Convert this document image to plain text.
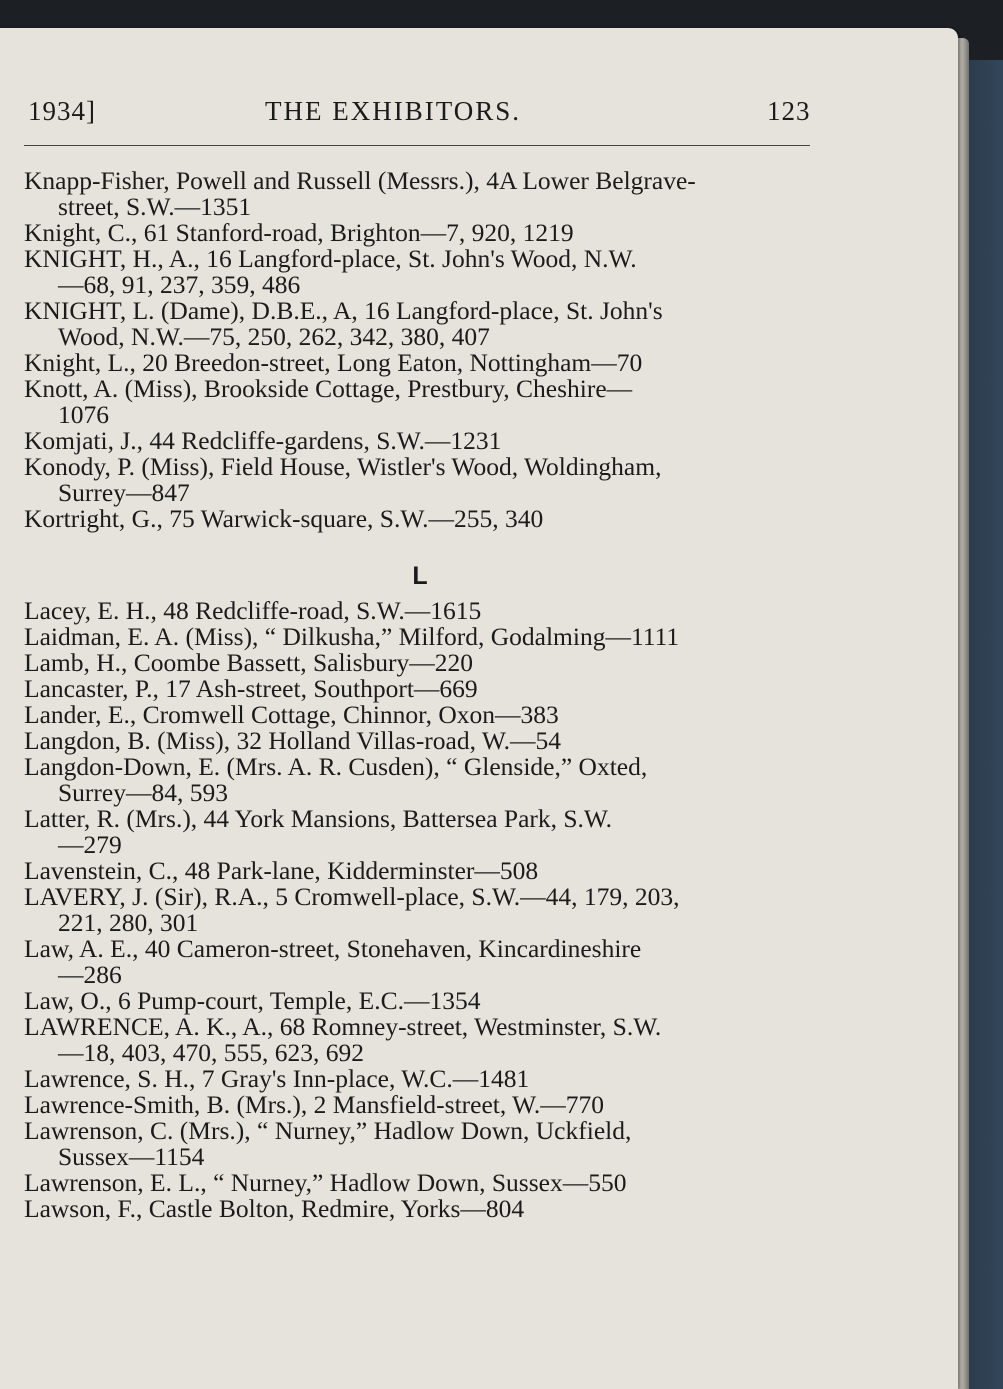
1934]	THE EXHIBITORS.	123
Knapp-Fisher, Powell and Russell (Messrs.), 4A Lower Belgrave-
street, S.W.—1351
Knight, C., 61 Stanford-road, Brighton—7, 920, 1219
KNIGHT, H., A., 16 Langford-place, St. John's Wood, N.W.
—68, 91, 237, 359, 486
KNIGHT, L. (Dame), D.B.E., A, 16 Langford-place, St. John's
Wood, N.W.—75, 250, 262, 342, 380, 407
Knight, L., 20 Breedon-street, Long Eaton, Nottingham—70
Knott, A. (Miss), Brookside Cottage, Prestbury, Cheshire—
1076
Komjati, J., 44 Redcliffe-gardens, S.W.—1231
Konody, P. (Miss), Field House, Wistler's Wood, Woldingham,
Surrey—847
Kortright, G., 75 Warwick-square, S.W.—255, 340
L
Lacey, E. H., 48 Redcliffe-road, S.W.—1615
Laidman, E. A. (Miss), “ Dilkusha,” Milford, Godalming—1111
Lamb, H., Coombe Bassett, Salisbury—220
Lancaster, P., 17 Ash-street, Southport—669
Lander, E., Cromwell Cottage, Chinnor, Oxon—383
Langdon, B. (Miss), 32 Holland Villas-road, W.—54
Langdon-Down, E. (Mrs. A. R. Cusden), “ Glenside,” Oxted,
Surrey—84, 593
Latter, R. (Mrs.), 44 York Mansions, Battersea Park, S.W.
—279
Lavenstein, C., 48 Park-lane, Kidderminster—508
LAVERY, J. (Sir), R.A., 5 Cromwell-place, S.W.—44, 179, 203,
221, 280, 301
Law, A. E., 40 Cameron-street, Stonehaven, Kincardineshire
—286
Law, O., 6 Pump-court, Temple, E.C.—1354
LAWRENCE, A. K., A., 68 Romney-street, Westminster, S.W.
—18, 403, 470, 555, 623, 692
Lawrence, S. H., 7 Gray's Inn-place, W.C.—1481
Lawrence-Smith, B. (Mrs.), 2 Mansfield-street, W.—770
Lawrenson, C. (Mrs.), “ Nurney,” Hadlow Down, Uckfield,
Sussex—1154
Lawrenson, E. L., “ Nurney,” Hadlow Down, Sussex—550
Lawson, F., Castle Bolton, Redmire, Yorks—804
